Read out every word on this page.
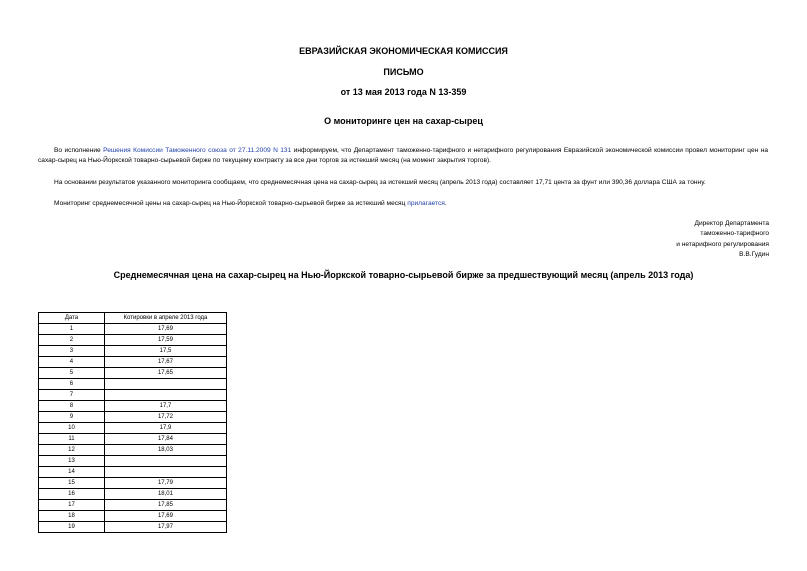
ЕВРАЗИЙСКАЯ ЭКОНОМИЧЕСКАЯ КОМИССИЯ
ПИСЬМО
от 13 мая 2013 года N 13-359
О мониторинге цен на сахар-сырец
Во исполнение Решения Комиссии Таможенного союза от 27.11.2009 N 131 информируем, что Департамент таможенно-тарифного и нетарифного регулирования Евразийской экономической комиссии провел мониторинг цен на сахар-сырец на Нью-Йоркской товарно-сырьевой бирже по текущему контракту за все дни торгов за истекший месяц (на момент закрытия торгов).
На основании результатов указанного мониторинга сообщаем, что среднемесячная цена на сахар-сырец за истекший месяц (апрель 2013 года) составляет 17,71 цента за фунт или 390,36 доллара США за тонну.
Мониторинг среднемесячной цены на сахар-сырец на Нью-Йоркской товарно-сырьевой бирже за истекший месяц прилагается.
Директор Департамента
таможенно-тарифного
и нетарифного регулирования
В.В.Гудин
Среднемесячная цена на сахар-сырец на Нью-Йоркской товарно-сырьевой бирже за предшествующий месяц (апрель 2013 года)
Дата	Котировки в апреле 2013 года
1	17,69
2	17,59
3	17,5
4	17,67
5	17,65
6	
7	
8	17,7
9	17,72
10	17,9
11	17,84
12	18,03
13	
14	
15	17,79
16	18,01
17	17,85
18	17,69
19	17,97
